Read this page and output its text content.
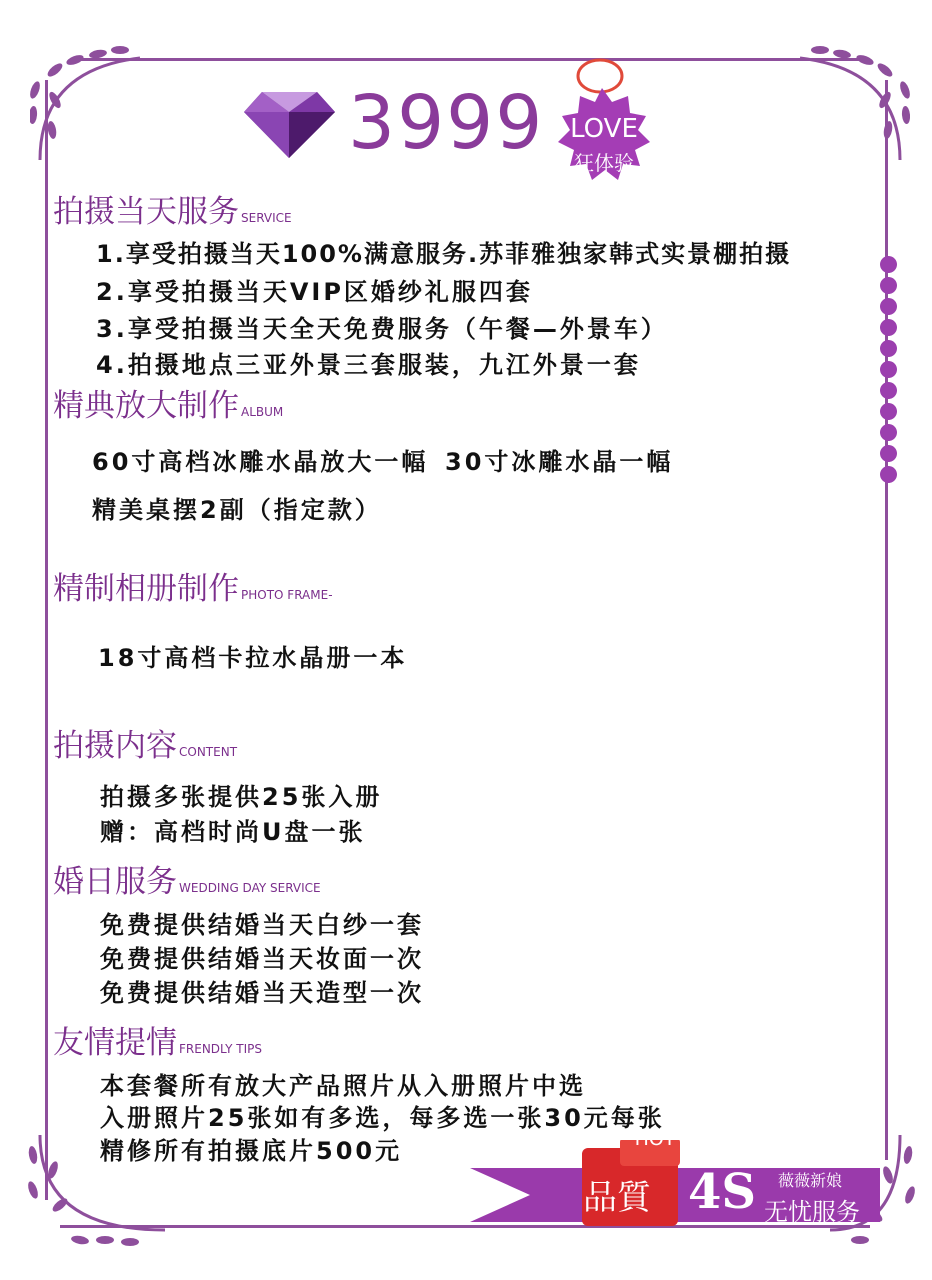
3999 LOVE
狂体验
拍摄当天服务 SERVICE
1.享受拍摄当天100%满意服务.苏菲雅独家韩式实景棚拍摄
2.享受拍摄当天VIP区婚纱礼服四套
3.享受拍摄当天全天免费服务（午餐—外景车）
4.拍摄地点三亚外景三套服装，九江外景一套
精典放大制作 ALBUM
60寸高档冰雕水晶放大一幅 30寸冰雕水晶一幅
精美桌摆2副（指定款）
精制相册制作 PHOTO FRAME-
18寸高档卡拉水晶册一本
拍摄内容 CONTENT
拍摄多张提供25张入册
赠：高档时尚U盘一张
婚日服务 WEDDING DAY SERVICE
免费提供结婚当天白纱一套
免费提供结婚当天妆面一次
免费提供结婚当天造型一次
友情提情 FRENDLY TIPS
本套餐所有放大产品照片从入册照片中选
入册照片25张如有多选，每多选一张30元每张
精修所有拍摄底片500元	HOT
品質 4S 薇薇新娘
无忧服务
